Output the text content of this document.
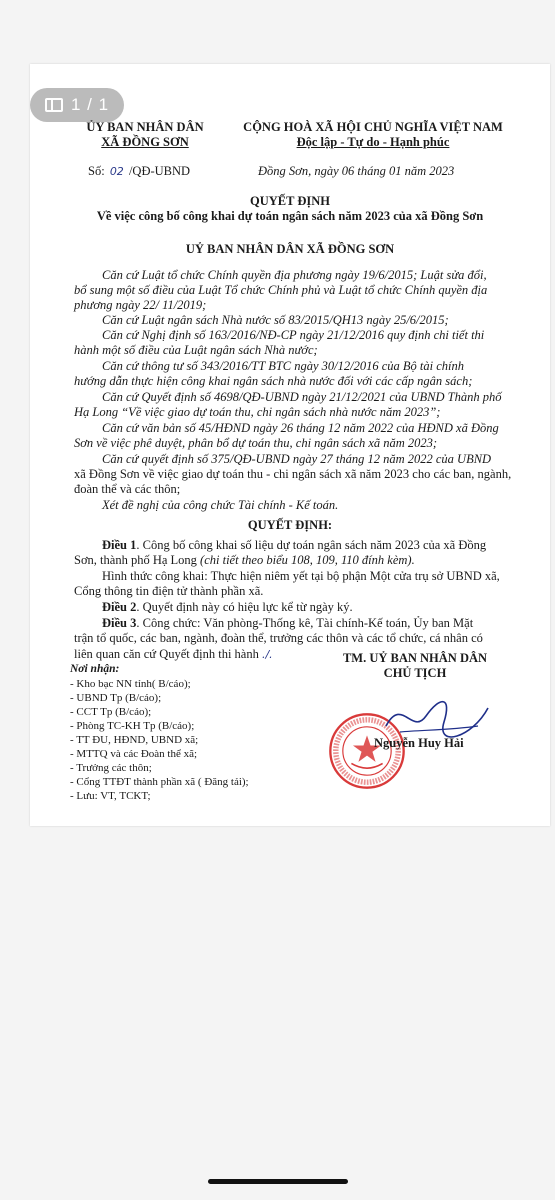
1 / 1
ỦY BAN NHÂN DÂN
XÃ ĐỒNG SƠN
CỘNG HOÀ XÃ HỘI CHỦ NGHĨA VIỆT NAM
Độc lập - Tự do - Hạnh phúc
Số: 02 /QĐ-UBND	Đồng Sơn, ngày 06 tháng 01 năm 2023
QUYẾT ĐỊNH
Về việc công bố công khai dự toán ngân sách năm 2023 của xã Đồng Sơn
UỶ BAN NHÂN DÂN XÃ ĐỒNG SƠN
Căn cứ Luật tổ chức Chính quyền địa phương ngày 19/6/2015; Luật sửa đổi,
bổ sung một số điều của Luật Tổ chức Chính phủ và Luật tổ chức Chính quyền địa
phương ngày 22/ 11/2019;
Căn cứ Luật ngân sách Nhà nước số 83/2015/QH13 ngày 25/6/2015;
Căn cứ Nghị định số 163/2016/NĐ-CP ngày 21/12/2016 quy định chi tiết thi
hành một số điều của Luật ngân sách Nhà nước;
Căn cứ thông tư số 343/2016/TT BTC ngày 30/12/2016 của Bộ tài chính
hướng dẫn thực hiện công khai ngân sách nhà nước đối với các cấp ngân sách;
Căn cứ Quyết định số 4698/QĐ-UBND ngày 21/12/2021 của UBND Thành phố
Hạ Long “Về việc giao dự toán thu, chi ngân sách nhà nước năm 2023”;
Căn cứ văn bản số 45/HĐND ngày 26 tháng 12 năm 2022 của HĐND xã Đồng
Sơn về việc phê duyệt, phân bổ dự toán thu, chi ngân sách xã năm 2023;
Căn cứ quyết định số 375/QĐ-UBND ngày 27 tháng 12 năm 2022 của UBND
xã Đồng Sơn về việc giao dự toán thu - chi ngân sách xã năm 2023 cho các ban, ngành,
đoàn thể và các thôn;
Xét đề nghị của công chức Tài chính - Kế toán.
QUYẾT ĐỊNH:
Điều 1. Công bố công khai số liệu dự toán ngân sách năm 2023 của xã Đồng
Sơn, thành phố Hạ Long (chi tiết theo biểu 108, 109, 110 đính kèm).
Hình thức công khai: Thực hiện niêm yết tại bộ phận Một cửa trụ sở UBND xã,
Cổng thông tin điện tử thành phần xã.
Điều 2. Quyết định này có hiệu lực kể từ ngày ký.
Điều 3. Công chức: Văn phòng-Thống kê, Tài chính-Kế toán, Ủy ban Mặt
trận tổ quốc, các ban, ngành, đoàn thể, trưởng các thôn và các tổ chức, cá nhân có
liên quan căn cứ Quyết định thi hành ./.
Nơi nhận:
- Kho bạc NN tỉnh( B/cáo);
- UBND Tp (B/cáo);
- CCT Tp (B/cáo);
- Phòng TC-KH Tp (B/cáo);
- TT ĐU, HĐND, UBND xã;
- MTTQ và các Đoàn thể xã;
- Trưởng các thôn;
- Cổng TTĐT thành phần xã ( Đăng tải);
- Lưu: VT, TCKT;
TM. UỶ BAN NHÂN DÂN
CHỦ TỊCH
Nguyễn Huy Hải
